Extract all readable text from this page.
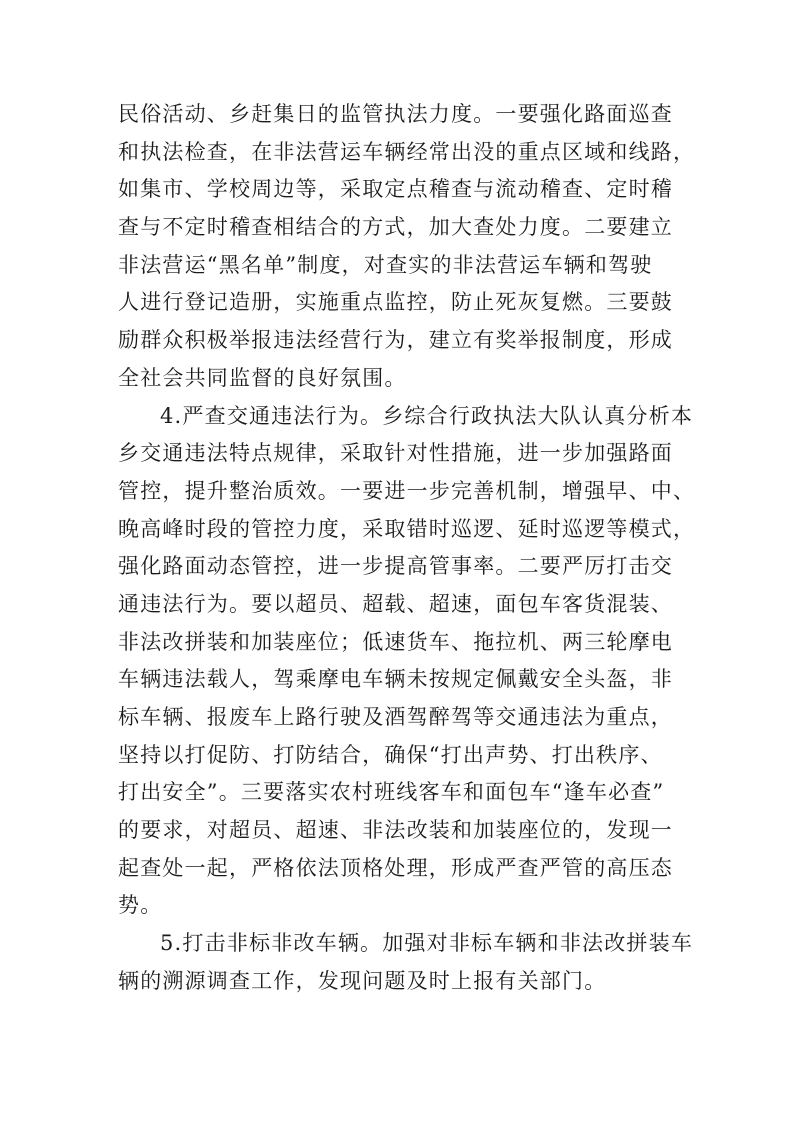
民俗活动、乡赶集日的监管执法力度。一要强化路面巡查
和执法检查，在非法营运车辆经常出没的重点区域和线路，
如集市、学校周边等，采取定点稽查与流动稽查、定时稽
查与不定时稽查相结合的方式，加大查处力度。二要建立
非法营运“黑名单”制度，对查实的非法营运车辆和驾驶
人进行登记造册，实施重点监控，防止死灰复燃。三要鼓
励群众积极举报违法经营行为，建立有奖举报制度，形成
全社会共同监督的良好氛围。
4.严查交通违法行为。乡综合行政执法大队认真分析本
乡交通违法特点规律，采取针对性措施，进一步加强路面
管控，提升整治质效。一要进一步完善机制，增强早、中、
晚高峰时段的管控力度，采取错时巡逻、延时巡逻等模式，
强化路面动态管控，进一步提高管事率。二要严厉打击交
通违法行为。要以超员、超载、超速，面包车客货混装、
非法改拼装和加装座位；低速货车、拖拉机、两三轮摩电
车辆违法载人，驾乘摩电车辆未按规定佩戴安全头盔，非
标车辆、报废车上路行驶及酒驾醉驾等交通违法为重点，
坚持以打促防、打防结合，确保“打出声势、打出秩序、
打出安全”。三要落实农村班线客车和面包车“逢车必查”
的要求，对超员、超速、非法改装和加装座位的，发现一
起查处一起，严格依法顶格处理，形成严查严管的高压态
势。
5.打击非标非改车辆。加强对非标车辆和非法改拼装车
辆的溯源调查工作，发现问题及时上报有关部门。
